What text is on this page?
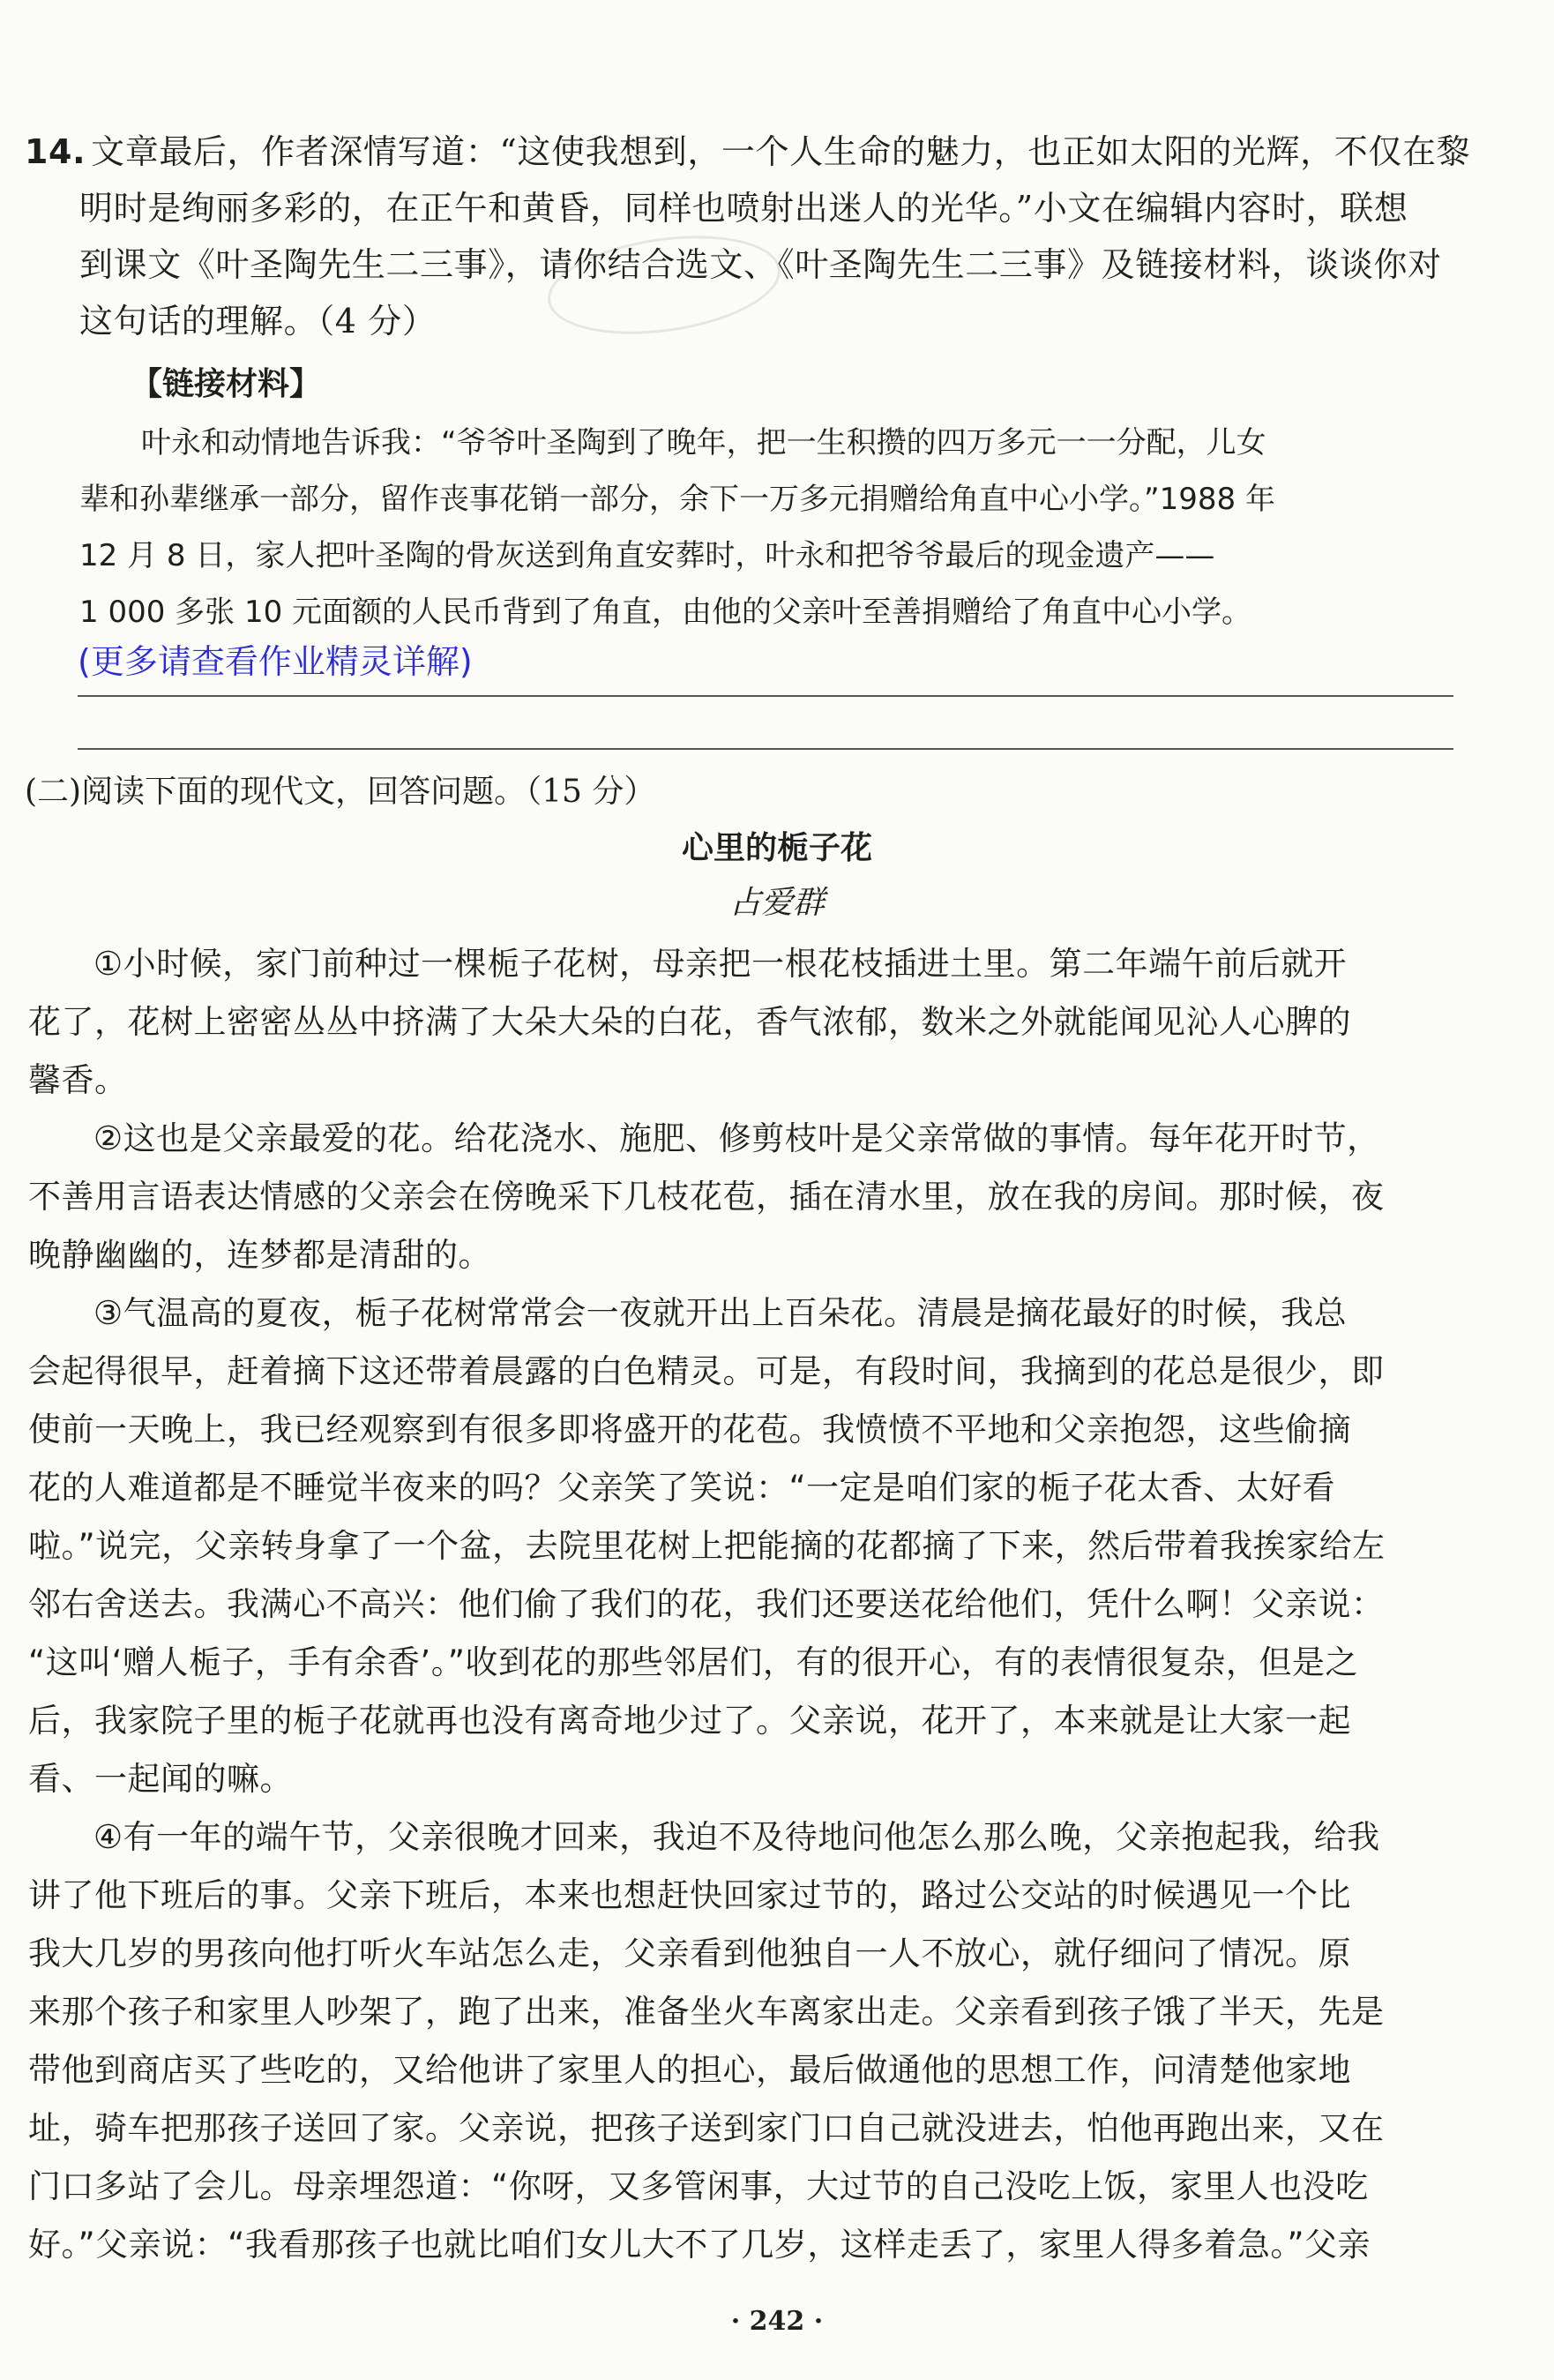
14. 文章最后，作者深情写道：“这使我想到，一个人生命的魅力，也正如太阳的光辉，不仅在黎
明时是绚丽多彩的，在正午和黄昏，同样也喷射出迷人的光华。”小文在编辑内容时，联想
到课文《叶圣陶先生二三事》，请你结合选文、《叶圣陶先生二三事》及链接材料，谈谈你对
这句话的理解。（4 分）
【链接材料】
叶永和动情地告诉我：“爷爷叶圣陶到了晚年，把一生积攒的四万多元一一分配，儿女
辈和孙辈继承一部分，留作丧事花销一部分，余下一万多元捐赠给角直中心小学。”1988 年
12 月 8 日，家人把叶圣陶的骨灰送到角直安葬时，叶永和把爷爷最后的现金遗产——
1 000 多张 10 元面额的人民币背到了角直，由他的父亲叶至善捐赠给了角直中心小学。
(更多请查看作业精灵详解)
(二)阅读下面的现代文，回答问题。（15 分）
心里的栀子花
占爱群
①小时候，家门前种过一棵栀子花树，母亲把一根花枝插进土里。第二年端午前后就开
花了，花树上密密丛丛中挤满了大朵大朵的白花，香气浓郁，数米之外就能闻见沁人心脾的
馨香。
②这也是父亲最爱的花。给花浇水、施肥、修剪枝叶是父亲常做的事情。每年花开时节，
不善用言语表达情感的父亲会在傍晚采下几枝花苞，插在清水里，放在我的房间。那时候，夜
晚静幽幽的，连梦都是清甜的。
③气温高的夏夜，栀子花树常常会一夜就开出上百朵花。清晨是摘花最好的时候，我总
会起得很早，赶着摘下这还带着晨露的白色精灵。可是，有段时间，我摘到的花总是很少，即
使前一天晚上，我已经观察到有很多即将盛开的花苞。我愤愤不平地和父亲抱怨，这些偷摘
花的人难道都是不睡觉半夜来的吗？父亲笑了笑说：“一定是咱们家的栀子花太香、太好看
啦。”说完，父亲转身拿了一个盆，去院里花树上把能摘的花都摘了下来，然后带着我挨家给左
邻右舍送去。我满心不高兴：他们偷了我们的花，我们还要送花给他们，凭什么啊！父亲说：
“这叫‘赠人栀子，手有余香’。”收到花的那些邻居们，有的很开心，有的表情很复杂，但是之
后，我家院子里的栀子花就再也没有离奇地少过了。父亲说，花开了，本来就是让大家一起
看、一起闻的嘛。
④有一年的端午节，父亲很晚才回来，我迫不及待地问他怎么那么晚，父亲抱起我，给我
讲了他下班后的事。父亲下班后，本来也想赶快回家过节的，路过公交站的时候遇见一个比
我大几岁的男孩向他打听火车站怎么走，父亲看到他独自一人不放心，就仔细问了情况。原
来那个孩子和家里人吵架了，跑了出来，准备坐火车离家出走。父亲看到孩子饿了半天，先是
带他到商店买了些吃的，又给他讲了家里人的担心，最后做通他的思想工作，问清楚他家地
址，骑车把那孩子送回了家。父亲说，把孩子送到家门口自己就没进去，怕他再跑出来，又在
门口多站了会儿。母亲埋怨道：“你呀，又多管闲事，大过节的自己没吃上饭，家里人也没吃
好。”父亲说：“我看那孩子也就比咱们女儿大不了几岁，这样走丢了，家里人得多着急。”父亲
· 242 ·
